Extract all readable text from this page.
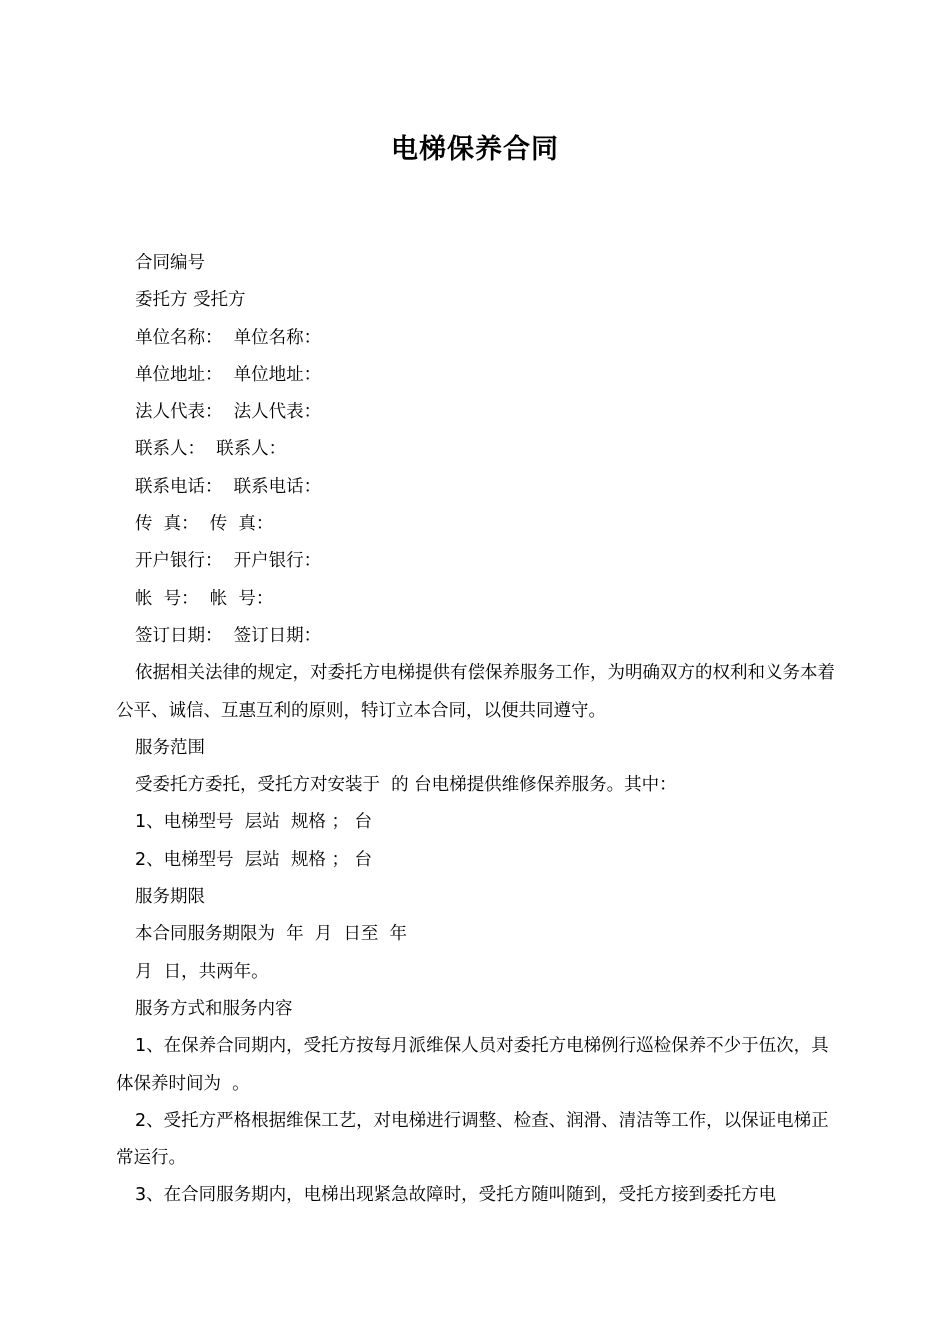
电梯保养合同
合同编号
委托方 受托方
单位名称：  单位名称：
单位地址：  单位地址：
法人代表：  法人代表：
联系人：  联系人：
联系电话：  联系电话：
传  真：  传  真：
开户银行：  开户银行：
帐  号：  帐  号：
签订日期：  签订日期：
依据相关法律的规定，对委托方电梯提供有偿保养服务工作，为明确双方的权利和义务本着公平、诚信、互惠互利的原则，特订立本合同，以便共同遵守。
服务范围
受委托方委托，受托方对安装于  的 台电梯提供维修保养服务。其中：
1、电梯型号  层站  规格 ； 台
2、电梯型号  层站  规格 ； 台
服务期限
本合同服务期限为  年  月  日至  年
月  日，共两年。
服务方式和服务内容
1、在保养合同期内，受托方按每月派维保人员对委托方电梯例行巡检保养不少于伍次，具体保养时间为  。
2、受托方严格根据维保工艺，对电梯进行调整、检查、润滑、清洁等工作，以保证电梯正常运行。
3、在合同服务期内，电梯出现紧急故障时，受托方随叫随到，受托方接到委托方电
